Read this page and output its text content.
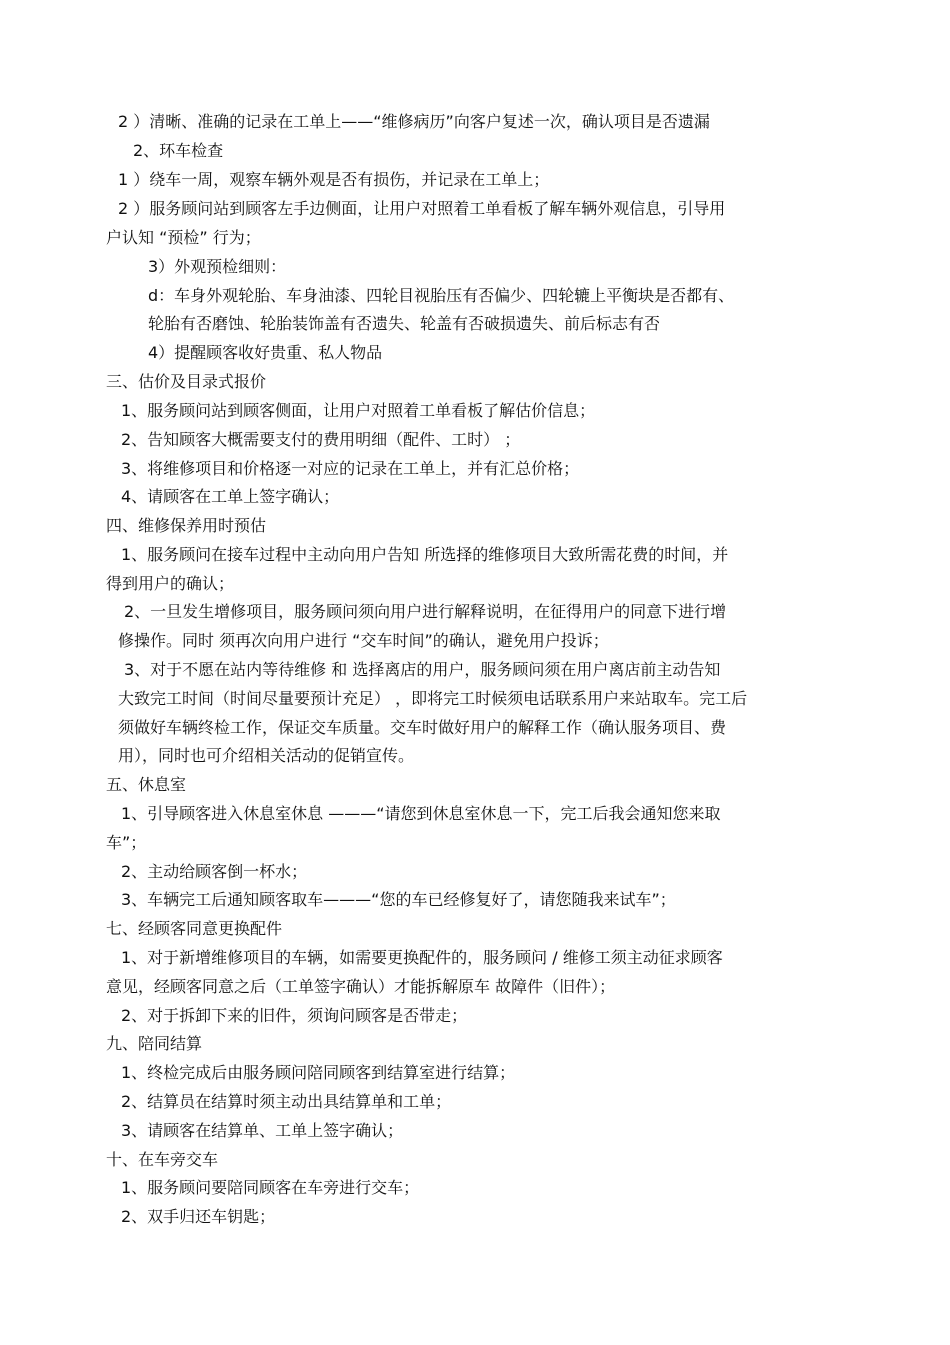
2 ）清晰、准确的记录在工单上——“维修病历”向客户复述一次，确认项目是否遗漏
2、环车检查
1 ）绕车一周，观察车辆外观是否有损伤，并记录在工单上；
2 ）服务顾问站到顾客左手边侧面，让用户对照着工单看板了解车辆外观信息，引导用
户认知 “预检” 行为；
3）外观预检细则：
d：车身外观轮胎、车身油漆、四轮目视胎压有否偏少、四轮辘上平衡块是否都有、
轮胎有否磨蚀、轮胎装饰盖有否遗失、轮盖有否破损遗失、前后标志有否
4）提醒顾客收好贵重、私人物品
三、估价及目录式报价
1、服务顾问站到顾客侧面，让用户对照着工单看板了解估价信息；
2、告知顾客大概需要支付的费用明细（配件、工时） ；
3、将维修项目和价格逐一对应的记录在工单上，并有汇总价格；
4、请顾客在工单上签字确认；
四、维修保养用时预估
1、服务顾问在接车过程中主动向用户告知 所选择的维修项目大致所需花费的时间，并
得到用户的确认；
2、一旦发生增修项目，服务顾问须向用户进行解释说明，在征得用户的同意下进行增
修操作。同时 须再次向用户进行 “交车时间”的确认，避免用户投诉；
3、对于不愿在站内等待维修 和 选择离店的用户，服务顾问须在用户离店前主动告知
大致完工时间（时间尽量要预计充足） ，即将完工时候须电话联系用户来站取车。完工后
须做好车辆终检工作，保证交车质量。交车时做好用户的解释工作（确认服务项目、费
用），同时也可介绍相关活动的促销宣传。
五、休息室
1、引导顾客进入休息室休息 ———“请您到休息室休息一下，完工后我会通知您来取
车”；
2、主动给顾客倒一杯水；
3、车辆完工后通知顾客取车———“您的车已经修复好了，请您随我来试车”；
七、经顾客同意更换配件
1、对于新增维修项目的车辆，如需要更换配件的，服务顾问 / 维修工须主动征求顾客
意见，经顾客同意之后（工单签字确认）才能拆解原车 故障件（旧件）；
2、对于拆卸下来的旧件，须询问顾客是否带走；
九、陪同结算
1、终检完成后由服务顾问陪同顾客到结算室进行结算；
2、结算员在结算时须主动出具结算单和工单；
3、请顾客在结算单、工单上签字确认；
十、在车旁交车
1、服务顾问要陪同顾客在车旁进行交车；
2、双手归还车钥匙；
